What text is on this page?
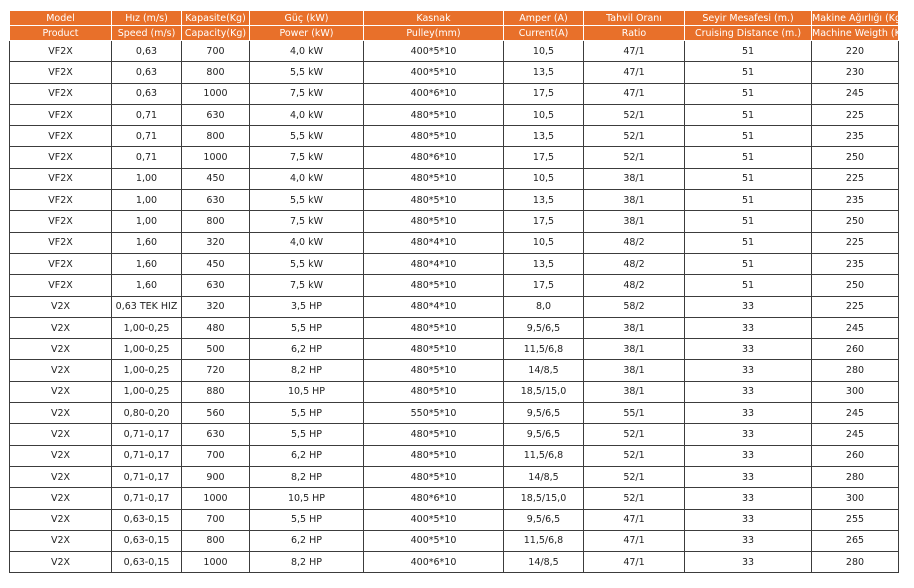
Model	Hız (m/s)	Kapasite(Kg)	Güç (kW)	Kasnak	Amper (A)	Tahvil Oranı	Seyir Mesafesi (m.)	Makine Ağırlığı (Kg.)
Product	Speed (m/s)	Capacity(Kg)	Power (kW)	Pulley(mm)	Current(A)	Ratio	Cruising Distance (m.)	Machine Weigth (Kg.)
VF2X	0,63	700	4,0 kW	400*5*10	10,5	47/1	51	220
VF2X	0,63	800	5,5 kW	400*5*10	13,5	47/1	51	230
VF2X	0,63	1000	7,5 kW	400*6*10	17,5	47/1	51	245
VF2X	0,71	630	4,0 kW	480*5*10	10,5	52/1	51	225
VF2X	0,71	800	5,5 kW	480*5*10	13,5	52/1	51	235
VF2X	0,71	1000	7,5 kW	480*6*10	17,5	52/1	51	250
VF2X	1,00	450	4,0 kW	480*5*10	10,5	38/1	51	225
VF2X	1,00	630	5,5 kW	480*5*10	13,5	38/1	51	235
VF2X	1,00	800	7,5 kW	480*5*10	17,5	38/1	51	250
VF2X	1,60	320	4,0 kW	480*4*10	10,5	48/2	51	225
VF2X	1,60	450	5,5 kW	480*4*10	13,5	48/2	51	235
VF2X	1,60	630	7,5 kW	480*5*10	17,5	48/2	51	250
V2X	0,63 TEK HIZ	320	3,5 HP	480*4*10	8,0	58/2	33	225
V2X	1,00-0,25	480	5,5 HP	480*5*10	9,5/6,5	38/1	33	245
V2X	1,00-0,25	500	6,2 HP	480*5*10	11,5/6,8	38/1	33	260
V2X	1,00-0,25	720	8,2 HP	480*5*10	14/8,5	38/1	33	280
V2X	1,00-0,25	880	10,5 HP	480*5*10	18,5/15,0	38/1	33	300
V2X	0,80-0,20	560	5,5 HP	550*5*10	9,5/6,5	55/1	33	245
V2X	0,71-0,17	630	5,5 HP	480*5*10	9,5/6,5	52/1	33	245
V2X	0,71-0,17	700	6,2 HP	480*5*10	11,5/6,8	52/1	33	260
V2X	0,71-0,17	900	8,2 HP	480*5*10	14/8,5	52/1	33	280
V2X	0,71-0,17	1000	10,5 HP	480*6*10	18,5/15,0	52/1	33	300
V2X	0,63-0,15	700	5,5 HP	400*5*10	9,5/6,5	47/1	33	255
V2X	0,63-0,15	800	6,2 HP	400*5*10	11,5/6,8	47/1	33	265
V2X	0,63-0,15	1000	8,2 HP	400*6*10	14/8,5	47/1	33	280
